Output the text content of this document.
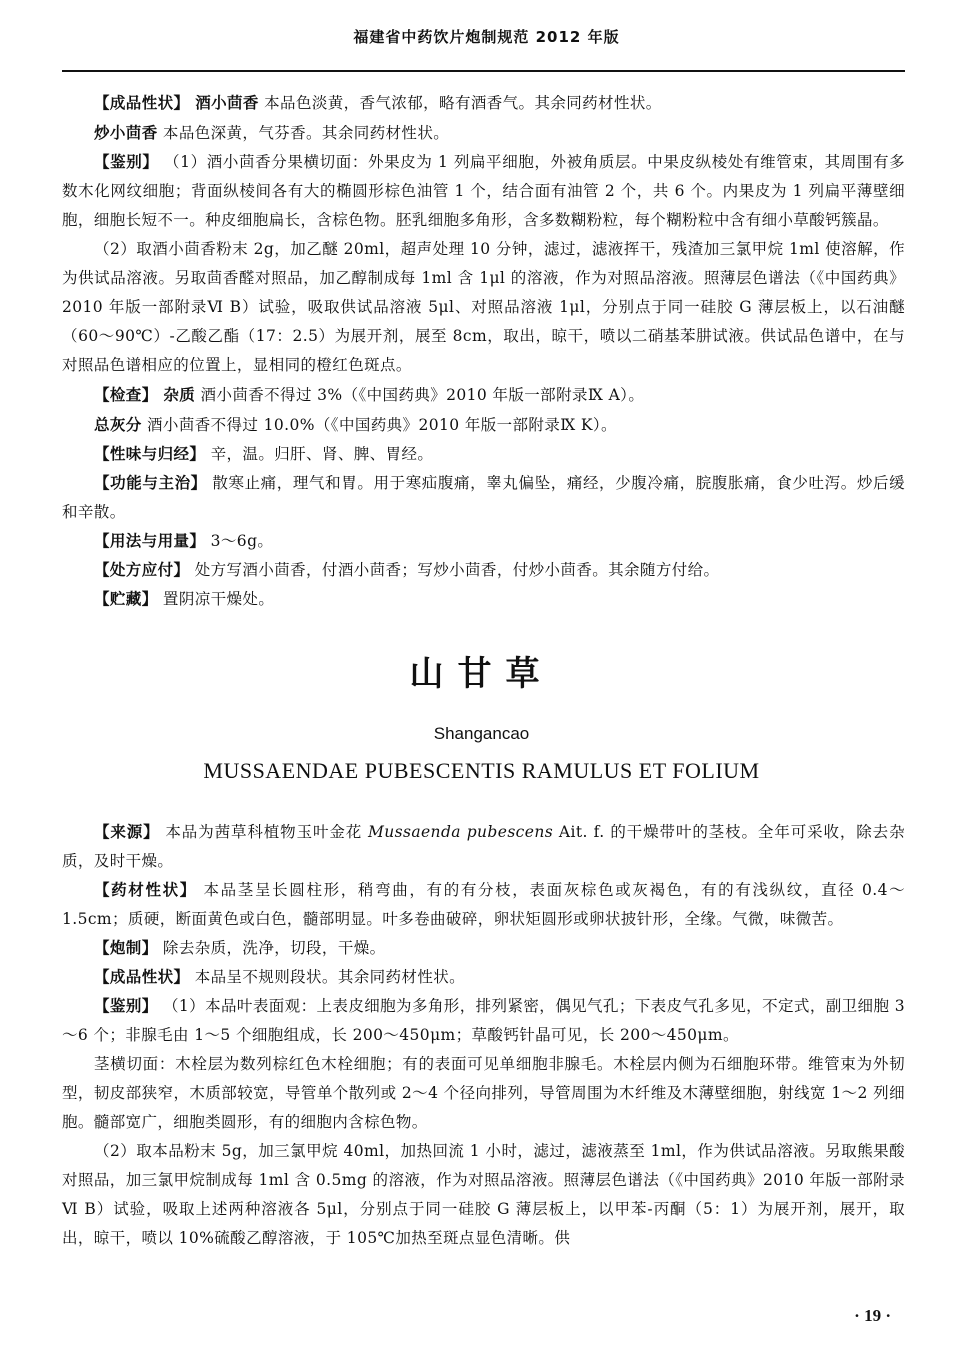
福建省中药饮片炮制规范 2012 年版

【成品性状】 酒小茴香 本品色淡黄，香气浓郁，略有酒香气。其余同药材性状。

炒小茴香 本品色深黄，气芬香。其余同药材性状。

【鉴别】 （1）酒小茴香分果横切面：外果皮为 1 列扁平细胞，外被角质层。中果皮纵棱处有维管束，其周围有多数木化网纹细胞；背面纵棱间各有大的椭圆形棕色油管 1 个，结合面有油管 2 个，共 6 个。内果皮为 1 列扁平薄壁细胞，细胞长短不一。种皮细胞扁长，含棕色物。胚乳细胞多角形，含多数糊粉粒，每个糊粉粒中含有细小草酸钙簇晶。

（2）取酒小茴香粉末 2g，加乙醚 20ml，超声处理 10 分钟，滤过，滤液挥干，残渣加三氯甲烷 1ml 使溶解，作为供试品溶液。另取茴香醛对照品，加乙醇制成每 1ml 含 1μl 的溶液，作为对照品溶液。照薄层色谱法（《中国药典》2010 年版一部附录Ⅵ B）试验，吸取供试品溶液 5μl、对照品溶液 1μl，分别点于同一硅胶 G 薄层板上，以石油醚（60～90℃）-乙酸乙酯（17：2.5）为展开剂，展至 8cm，取出，晾干，喷以二硝基苯肼试液。供试品色谱中，在与对照品色谱相应的位置上，显相同的橙红色斑点。

【检查】 杂质 酒小茴香不得过 3%（《中国药典》2010 年版一部附录Ⅸ A）。

总灰分 酒小茴香不得过 10.0%（《中国药典》2010 年版一部附录Ⅸ K）。

【性味与归经】 辛，温。归肝、肾、脾、胃经。

【功能与主治】 散寒止痛，理气和胃。用于寒疝腹痛，睾丸偏坠，痛经，少腹冷痛，脘腹胀痛，食少吐泻。炒后缓和辛散。

【用法与用量】 3～6g。

【处方应付】 处方写酒小茴香，付酒小茴香；写炒小茴香，付炒小茴香。其余随方付给。

【贮藏】 置阴凉干燥处。

山甘草
Shangancao
MUSSAENDAE PUBESCENTIS RAMULUS ET FOLIUM

【来源】 本品为茜草科植物玉叶金花 Mussaenda pubescens Ait. f. 的干燥带叶的茎枝。全年可采收，除去杂质，及时干燥。

【药材性状】 本品茎呈长圆柱形，稍弯曲，有的有分枝，表面灰棕色或灰褐色，有的有浅纵纹，直径 0.4～1.5cm；质硬，断面黄色或白色，髓部明显。叶多卷曲破碎，卵状矩圆形或卵状披针形，全缘。气微，味微苦。

【炮制】 除去杂质，洗净，切段，干燥。

【成品性状】 本品呈不规则段状。其余同药材性状。

【鉴别】 （1）本品叶表面观：上表皮细胞为多角形，排列紧密，偶见气孔；下表皮气孔多见，不定式，副卫细胞 3～6 个；非腺毛由 1～5 个细胞组成，长 200～450μm；草酸钙针晶可见，长 200～450μm。

茎横切面：木栓层为数列棕红色木栓细胞；有的表面可见单细胞非腺毛。木栓层内侧为石细胞环带。维管束为外韧型，韧皮部狭窄，木质部较宽，导管单个散列或 2～4 个径向排列，导管周围为木纤维及木薄壁细胞，射线宽 1～2 列细胞。髓部宽广，细胞类圆形，有的细胞内含棕色物。

（2）取本品粉末 5g，加三氯甲烷 40ml，加热回流 1 小时，滤过，滤液蒸至 1ml，作为供试品溶液。另取熊果酸对照品，加三氯甲烷制成每 1ml 含 0.5mg 的溶液，作为对照品溶液。照薄层色谱法（《中国药典》2010 年版一部附录Ⅵ B）试验，吸取上述两种溶液各 5μl，分别点于同一硅胶 G 薄层板上，以甲苯-丙酮（5：1）为展开剂，展开，取出，晾干，喷以 10%硫酸乙醇溶液，于 105℃加热至斑点显色清晰。供

· 19 ·
